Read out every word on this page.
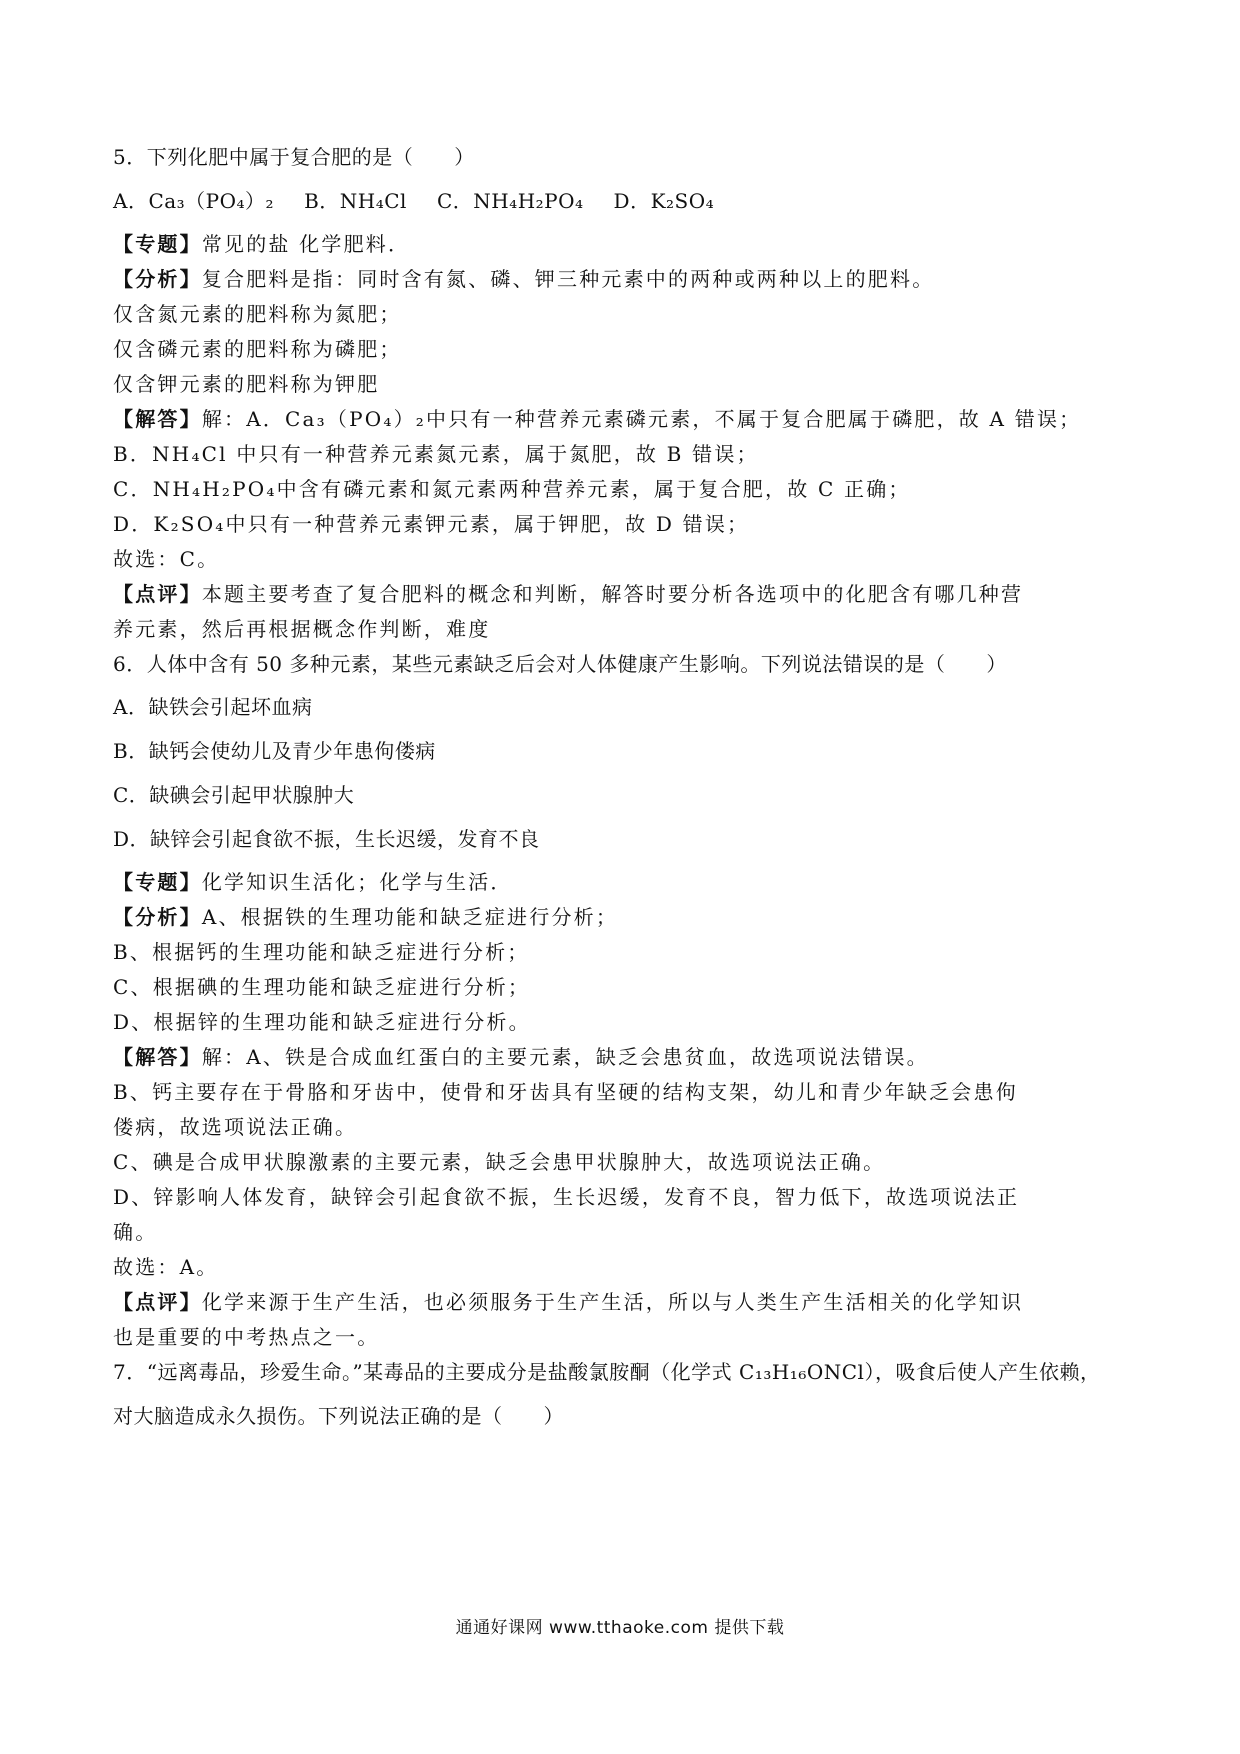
5．下列化肥中属于复合肥的是（　　）
A．Ca₃（PO₄）₂ B．NH₄Cl C．NH₄H₂PO₄ D．K₂SO₄
【专题】常见的盐 化学肥料．
【分析】复合肥料是指：同时含有氮、磷、钾三种元素中的两种或两种以上的肥料。
仅含氮元素的肥料称为氮肥；
仅含磷元素的肥料称为磷肥；
仅含钾元素的肥料称为钾肥
【解答】解：A．Ca₃（PO₄）₂中只有一种营养元素磷元素，不属于复合肥属于磷肥，故 A 错误；
B．NH₄Cl 中只有一种营养元素氮元素，属于氮肥，故 B 错误；
C．NH₄H₂PO₄中含有磷元素和氮元素两种营养元素，属于复合肥，故 C 正确；
D．K₂SO₄中只有一种营养元素钾元素，属于钾肥，故 D 错误；
故选：C。
【点评】本题主要考查了复合肥料的概念和判断，解答时要分析各选项中的化肥含有哪几种营
养元素，然后再根据概念作判断，难度
6．人体中含有 50 多种元素，某些元素缺乏后会对人体健康产生影响。下列说法错误的是（　　）
A．缺铁会引起坏血病
B．缺钙会使幼儿及青少年患佝偻病
C．缺碘会引起甲状腺肿大
D．缺锌会引起食欲不振，生长迟缓，发育不良
【专题】化学知识生活化；化学与生活．
【分析】A、根据铁的生理功能和缺乏症进行分析；
B、根据钙的生理功能和缺乏症进行分析；
C、根据碘的生理功能和缺乏症进行分析；
D、根据锌的生理功能和缺乏症进行分析。
【解答】解：A、铁是合成血红蛋白的主要元素，缺乏会患贫血，故选项说法错误。
B、钙主要存在于骨胳和牙齿中，使骨和牙齿具有坚硬的结构支架，幼儿和青少年缺乏会患佝
偻病，故选项说法正确。
C、碘是合成甲状腺激素的主要元素，缺乏会患甲状腺肿大，故选项说法正确。
D、锌影响人体发育，缺锌会引起食欲不振，生长迟缓，发育不良，智力低下，故选项说法正
确。
故选：A。
【点评】化学来源于生产生活，也必须服务于生产生活，所以与人类生产生活相关的化学知识
也是重要的中考热点之一。
7．“远离毒品，珍爱生命。”某毒品的主要成分是盐酸氯胺酮（化学式 C₁₃H₁₆ONCl），吸食后使人产生依赖，
对大脑造成永久损伤。下列说法正确的是（　　）
通通好课网 www.tthaoke.com 提供下载
